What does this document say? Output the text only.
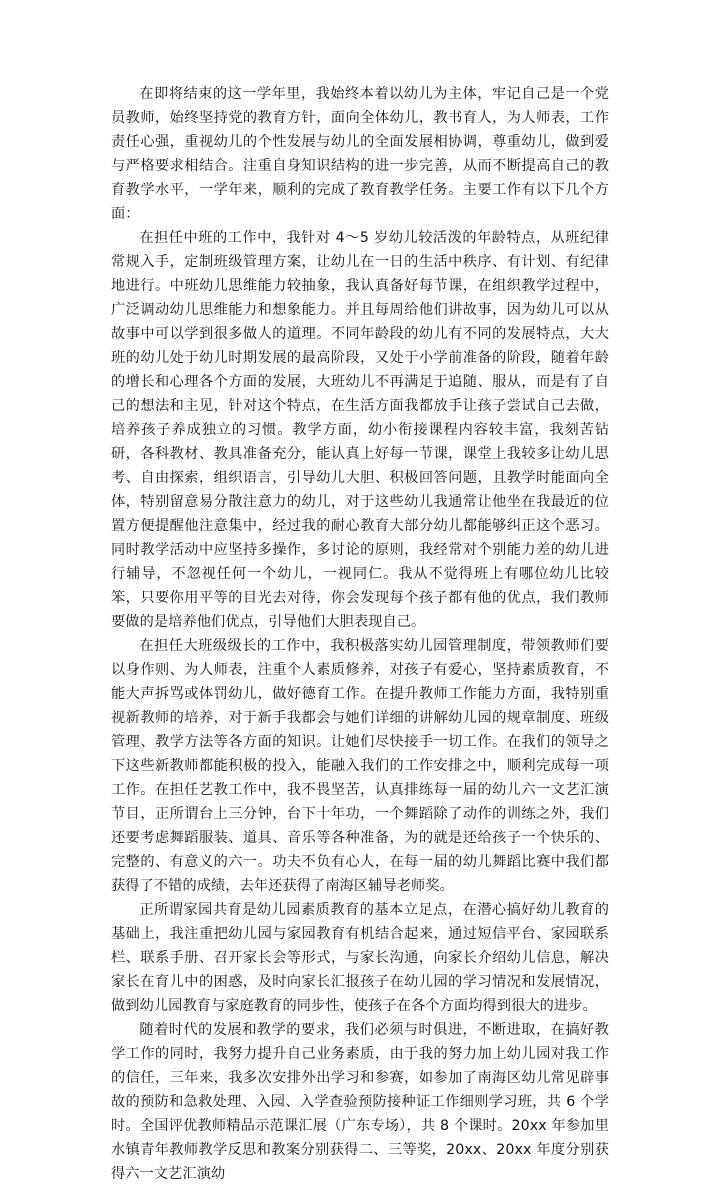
在即将结束的这一学年里，我始终本着以幼儿为主体，牢记自己是一个党员教师，始终坚持党的教育方针，面向全体幼儿，教书育人，为人师表，工作责任心强，重视幼儿的个性发展与幼儿的全面发展相协调，尊重幼儿，做到爱与严格要求相结合。注重自身知识结构的进一步完善，从而不断提高自己的教育教学水平，一学年来，顺利的完成了教育教学任务。主要工作有以下几个方面：

在担任中班的工作中，我针对 4～5 岁幼儿较活泼的年龄特点，从班纪律常规入手，定制班级管理方案，让幼儿在一日的生活中秩序、有计划、有纪律地进行。中班幼儿思维能力较抽象，我认真备好每节课，在组织教学过程中，广泛调动幼儿思维能力和想象能力。并且每周给他们讲故事，因为幼儿可以从故事中可以学到很多做人的道理。不同年龄段的幼儿有不同的发展特点，大大班的幼儿处于幼儿时期发展的最高阶段，又处于小学前准备的阶段，随着年龄的增长和心理各个方面的发展，大班幼儿不再满足于追随、服从，而是有了自己的想法和主见，针对这个特点，在生活方面我都放手让孩子尝试自己去做，培养孩子养成独立的习惯。教学方面，幼小衔接课程内容较丰富，我刻苦钻研，各科教材、教具准备充分，能认真上好每一节课，课堂上我较多让幼儿思考、自由探索，组织语言，引导幼儿大胆、积极回答问题，且教学时能面向全体，特别留意易分散注意力的幼儿，对于这些幼儿我通常让他坐在我最近的位置方便提醒他注意集中，经过我的耐心教育大部分幼儿都能够纠正这个恶习。同时教学活动中应坚持多操作，多讨论的原则，我经常对个别能力差的幼儿进行辅导，不忽视任何一个幼儿，一视同仁。我从不觉得班上有哪位幼儿比较笨，只要你用平等的目光去对待，你会发现每个孩子都有他的优点，我们教师要做的是培养他们优点，引导他们大胆表现自己。

在担任大班级级长的工作中，我积极落实幼儿园管理制度，带领教师们要以身作则、为人师表，注重个人素质修养，对孩子有爱心，坚持素质教育，不能大声拆骂或体罚幼儿，做好德育工作。在提升教师工作能力方面，我特别重视新教师的培养，对于新手我都会与她们详细的讲解幼儿园的规章制度、班级管理、教学方法等各方面的知识。让她们尽快接手一切工作。在我们的领导之下这些新教师都能积极的投入，能融入我们的工作安排之中，顺利完成每一项工作。在担任艺教工作中，我不畏坚苦，认真排练每一届的幼儿六一文艺汇演节目，正所谓台上三分钟，台下十年功，一个舞蹈除了动作的训练之外，我们还要考虑舞蹈服装、道具、音乐等各种准备，为的就是还给孩子一个快乐的、完整的、有意义的六一。功夫不负有心人，在每一届的幼儿舞蹈比赛中我们都获得了不错的成绩，去年还获得了南海区辅导老师奖。

正所谓家园共育是幼儿园素质教育的基本立足点，在潜心搞好幼儿教育的基础上，我注重把幼儿园与家园教育有机结合起来，通过短信平台、家园联系栏、联系手册、召开家长会等形式，与家长沟通，向家长介绍幼儿信息，解决家长在育儿中的困惑，及时向家长汇报孩子在幼儿园的学习情况和发展情况，做到幼儿园教育与家庭教育的同步性，使孩子在各个方面均得到很大的进步。

随着时代的发展和教学的要求，我们必须与时俱进，不断进取，在搞好教学工作的同时，我努力提升自己业务素质，由于我的努力加上幼儿园对我工作的信任，三年来，我多次安排外出学习和参赛，如参加了南海区幼儿常见辟事故的预防和急救处理、入园、入学查验预防接种证工作细则学习班，共 6 个学时。全国评优教师精品示范课汇展（广东专场），共 8 个课时。20xx 年参加里水镇青年教师教学反思和教案分别获得二、三等奖，20xx、20xx 年度分别获得六一文艺汇演幼
